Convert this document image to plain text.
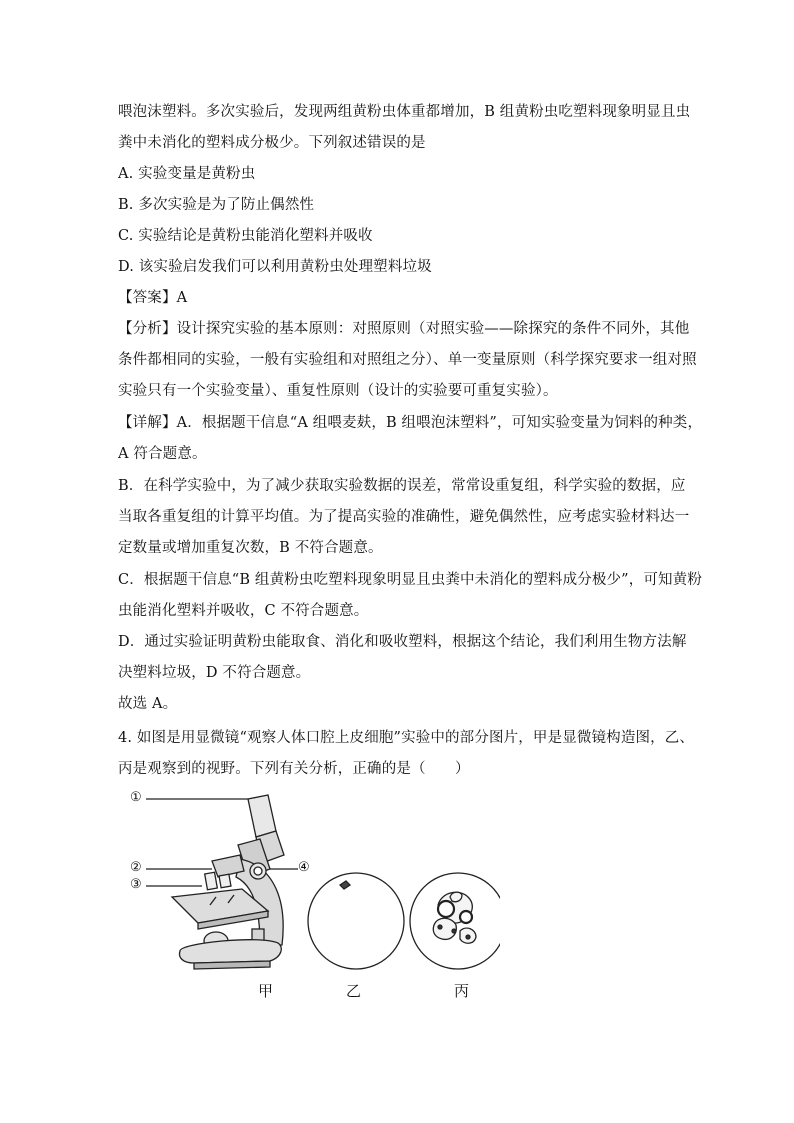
喂泡沫塑料。多次实验后，发现两组黄粉虫体重都增加，B 组黄粉虫吃塑料现象明显且虫
粪中未消化的塑料成分极少。下列叙述错误的是
A. 实验变量是黄粉虫
B. 多次实验是为了防止偶然性
C. 实验结论是黄粉虫能消化塑料并吸收
D. 该实验启发我们可以利用黄粉虫处理塑料垃圾
【答案】A
【分析】设计探究实验的基本原则：对照原则（对照实验——除探究的条件不同外，其他
条件都相同的实验，一般有实验组和对照组之分）、单一变量原则（科学探究要求一组对照
实验只有一个实验变量）、重复性原则（设计的实验要可重复实验）。
【详解】A．根据题干信息“A 组喂麦麸，B 组喂泡沫塑料”，可知实验变量为饲料的种类，
A 符合题意。
B．在科学实验中，为了减少获取实验数据的误差，常常设重复组，科学实验的数据，应
当取各重复组的计算平均值。为了提高实验的准确性，避免偶然性，应考虑实验材料达一
定数量或增加重复次数，B 不符合题意。
C．根据题干信息“B 组黄粉虫吃塑料现象明显且虫粪中未消化的塑料成分极少”，可知黄粉
虫能消化塑料并吸收，C 不符合题意。
D．通过实验证明黄粉虫能取食、消化和吸收塑料，根据这个结论，我们利用生物方法解
决塑料垃圾，D 不符合题意。
故选 A。
4. 如图是用显微镜“观察人体口腔上皮细胞”实验中的部分图片，甲是显微镜构造图，乙、
丙是观察到的视野。下列有关分析，正确的是（　　）
①
②
③
④
甲	乙	丙
